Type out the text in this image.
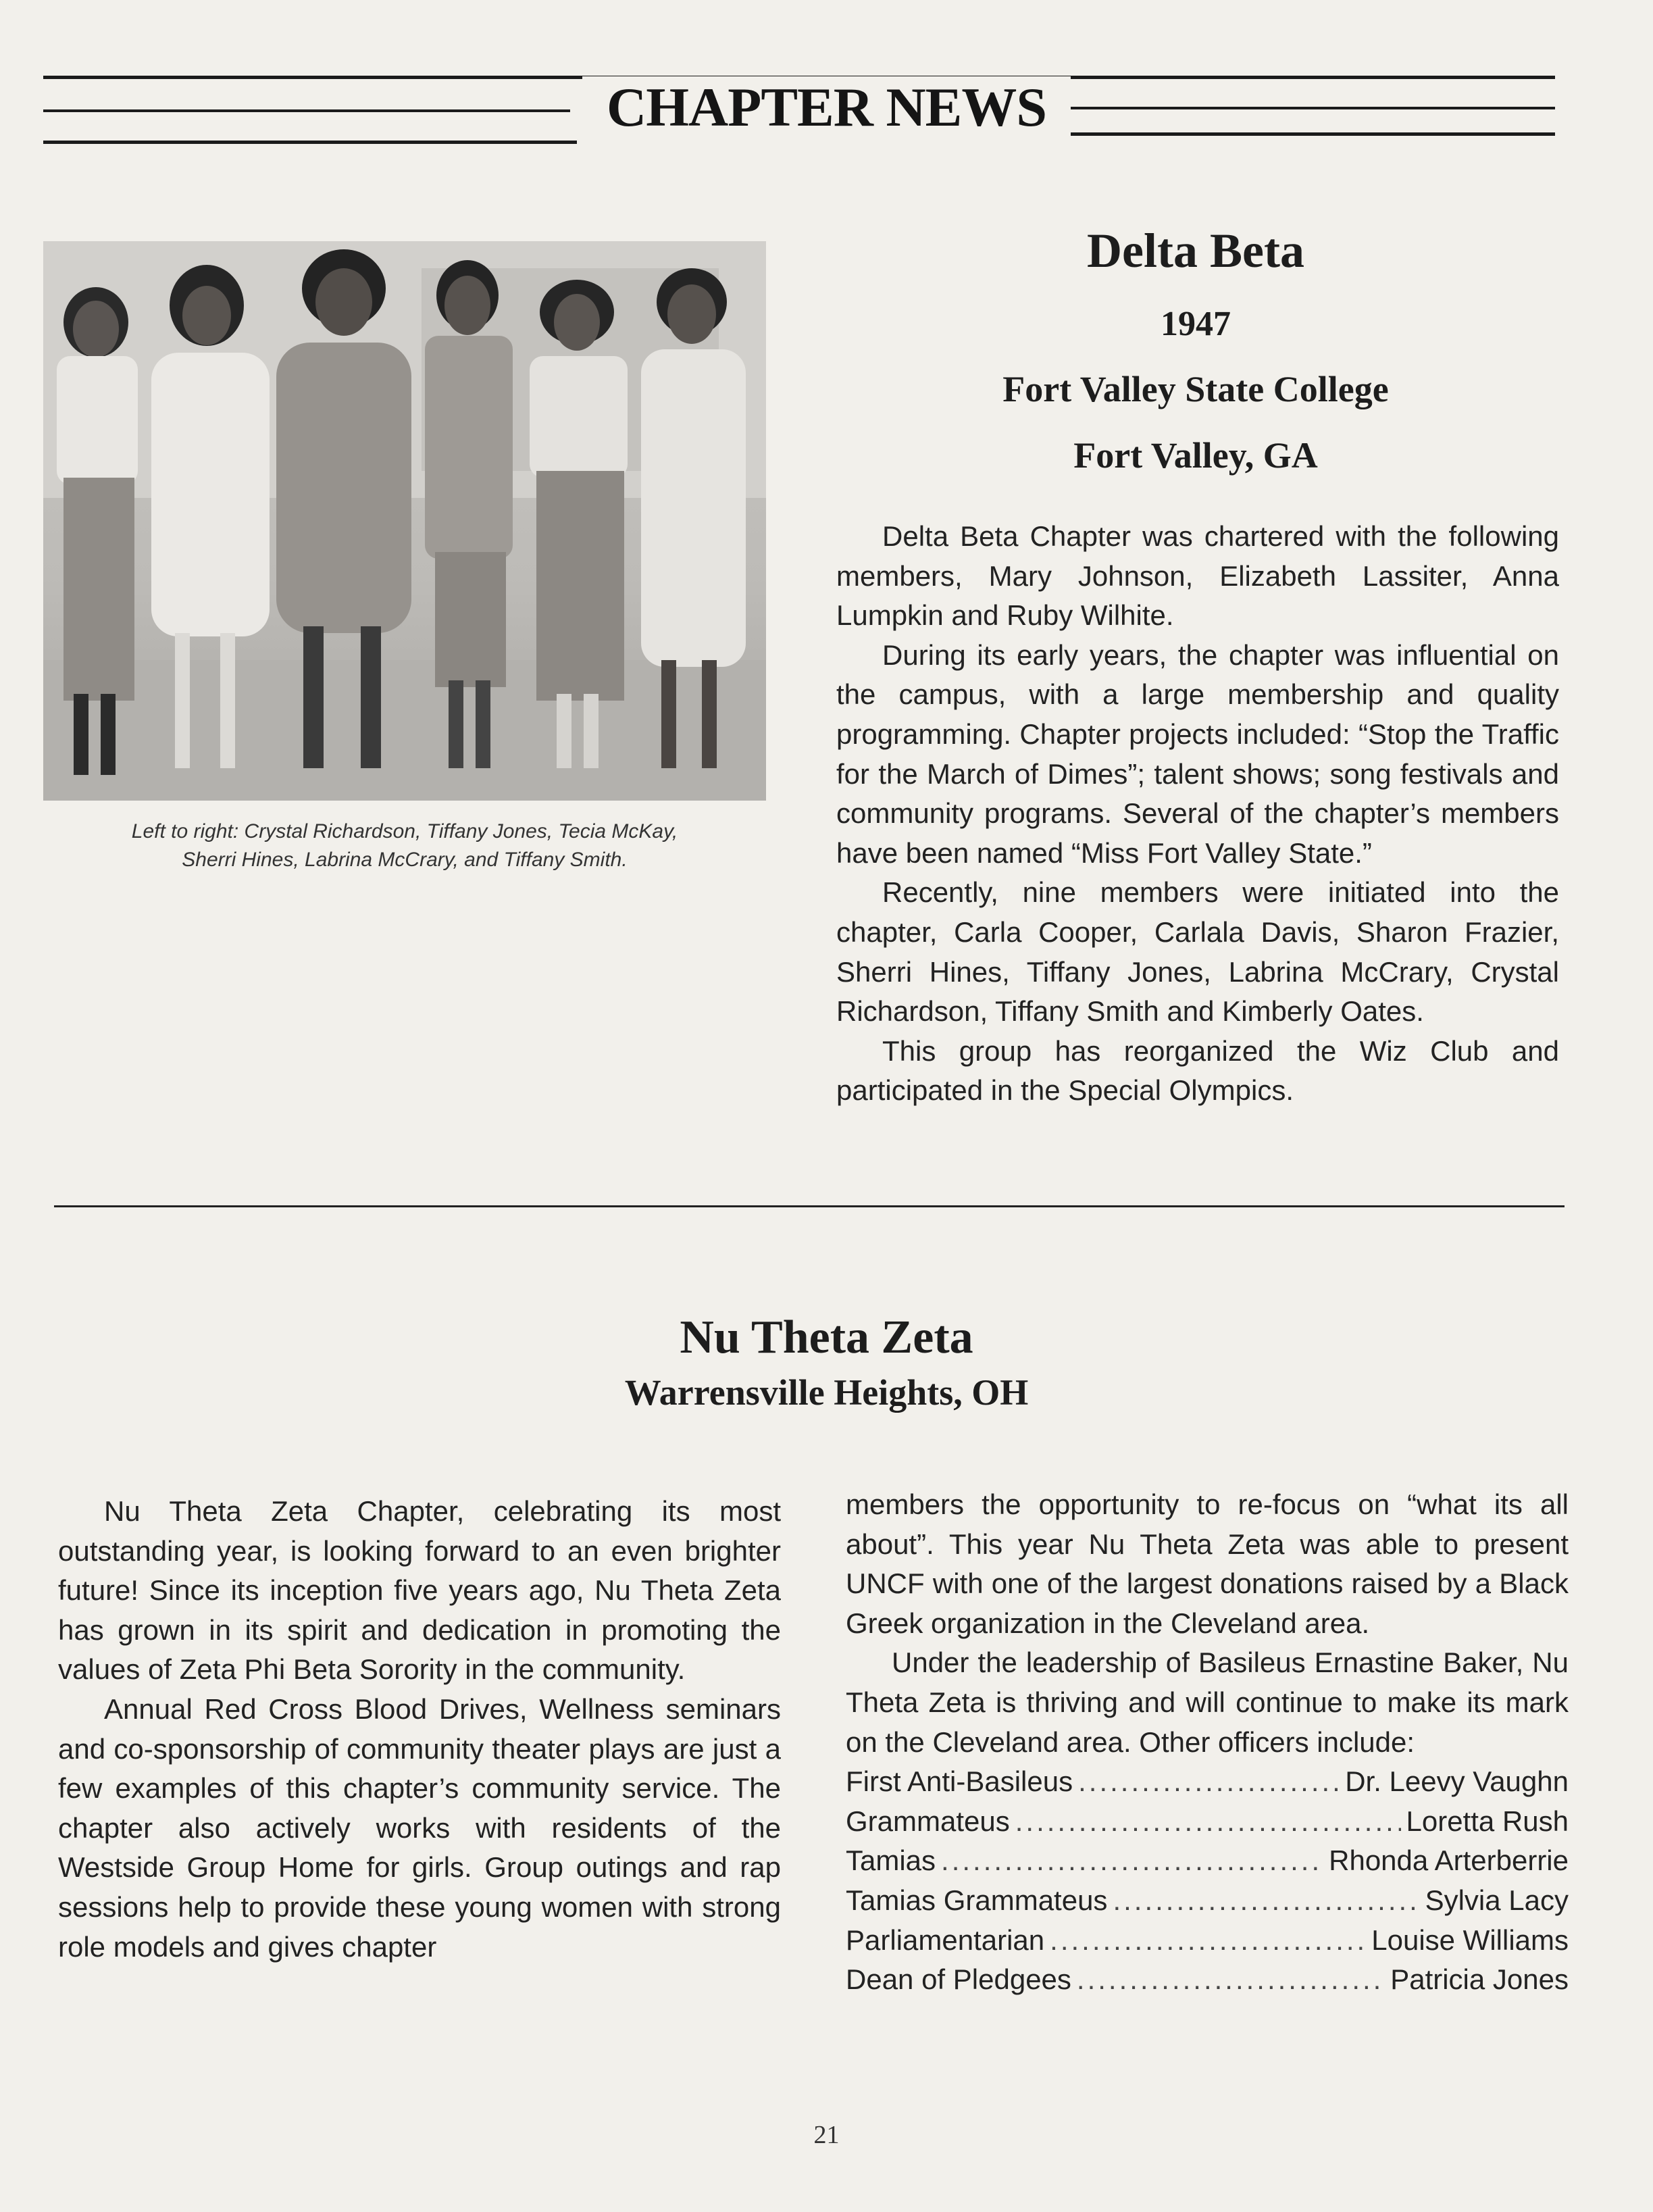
CHAPTER NEWS
Left to right: Crystal Richardson, Tiffany Jones, Tecia McKay,
Sherri Hines, Labrina McCrary, and Tiffany Smith.
Delta Beta
1947
Fort Valley State College
Fort Valley, GA

Delta Beta Chapter was chartered with the following members, Mary Johnson, Elizabeth Lassiter, Anna Lumpkin and Ruby Wilhite.

During its early years, the chapter was influential on the campus, with a large membership and quality programming. Chapter projects included: “Stop the Traffic for the March of Dimes”; talent shows; song festivals and community programs. Several of the chapter’s members have been named “Miss Fort Valley State.”

Recently, nine members were initiated into the chapter, Carla Cooper, Carlala Davis, Sharon Frazier, Sherri Hines, Tiffany Jones, Labrina McCrary, Crystal Richardson, Tiffany Smith and Kimberly Oates.

This group has reorganized the Wiz Club and participated in the Special Olympics.

Nu Theta Zeta
Warrensville Heights, OH

Nu Theta Zeta Chapter, celebrating its most outstanding year, is looking forward to an even brighter future! Since its inception five years ago, Nu Theta Zeta has grown in its spirit and dedication in promoting the values of Zeta Phi Beta Sorority in the community.

Annual Red Cross Blood Drives, Wellness seminars and co-sponsorship of community theater plays are just a few examples of this chapter’s community service. The chapter also actively works with residents of the Westside Group Home for girls. Group outings and rap sessions help to provide these young women with strong role models and gives chapter

members the opportunity to re-focus on “what its all about”. This year Nu Theta Zeta was able to present UNCF with one of the largest donations raised by a Black Greek organization in the Cleveland area.

Under the leadership of Basileus Ernastine Baker, Nu Theta Zeta is thriving and will continue to make its mark on the Cleveland area. Other officers include:

First Anti-Basileus .....	Dr. Leevy Vaughn
Grammateus .....	Loretta Rush
Tamias .....	Rhonda Arterberrie
Tamias Grammateus .....	Sylvia Lacy
Parliamentarian .....	Louise Williams
Dean of Pledgees .....	Patricia Jones
21
